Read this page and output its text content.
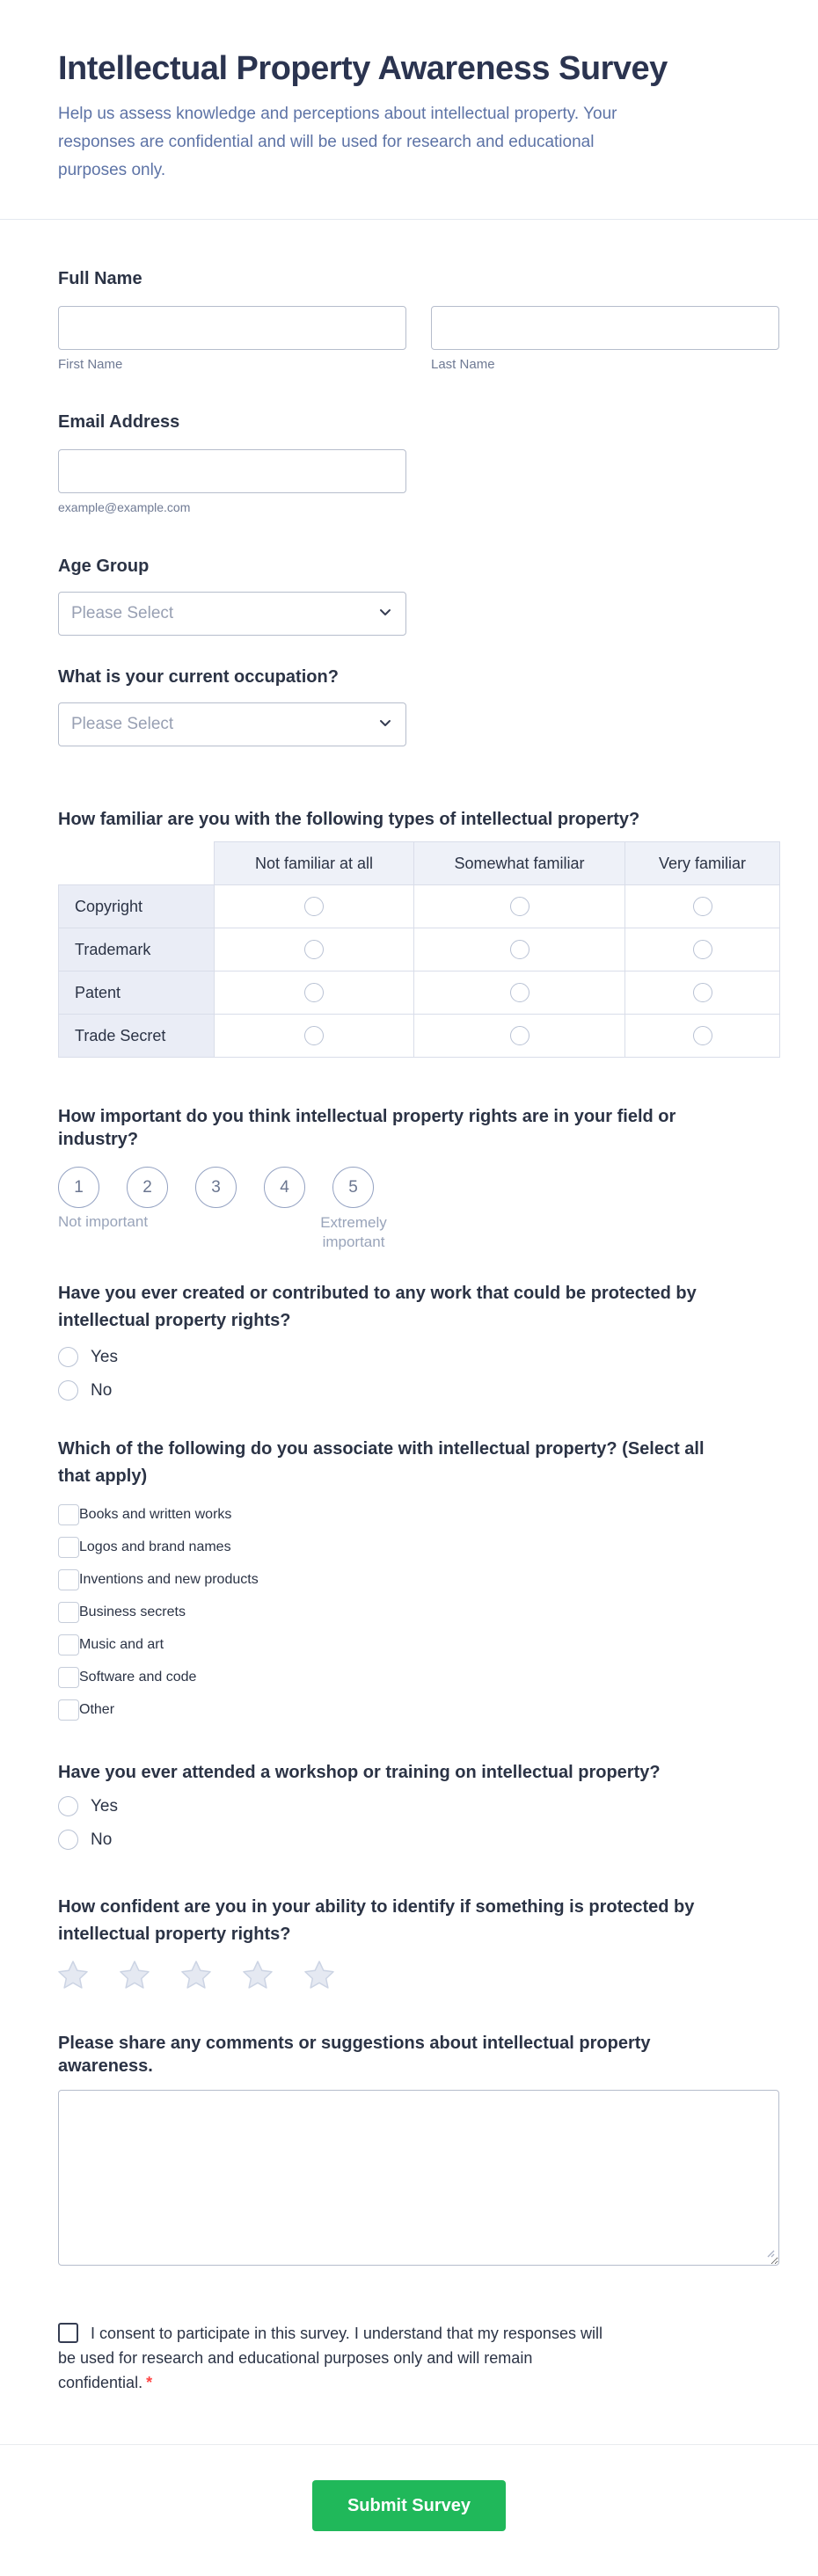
Intellectual Property Awareness Survey

Help us assess knowledge and perceptions about intellectual property. Your responses are confidential and will be used for research and educational purposes only.

Full Name
First Name	Last Name
Email Address
example@example.com
Age Group
Please Select
What is your current occupation?
Please Select
How familiar are you with the following types of intellectual property?
	Not familiar at all	Somewhat familiar	Very familiar
Copyright			
Trademark			
Patent			
Trade Secret			
How important do you think intellectual property rights are in your field or industry?
1	2	3	4	5
Not important	Extremely important
Have you ever created or contributed to any work that could be protected by intellectual property rights?
Yes
No
Which of the following do you associate with intellectual property? (Select all that apply)
Books and written works
Logos and brand names
Inventions and new products
Business secrets
Music and art
Software and code
Other
Have you ever attended a workshop or training on intellectual property?
Yes
No
How confident are you in your ability to identify if something is protected by intellectual property rights?
Please share any comments or suggestions about intellectual property awareness.

I consent to participate in this survey. I understand that my responses will be used for research and educational purposes only and will remain confidential. *

Submit Survey
